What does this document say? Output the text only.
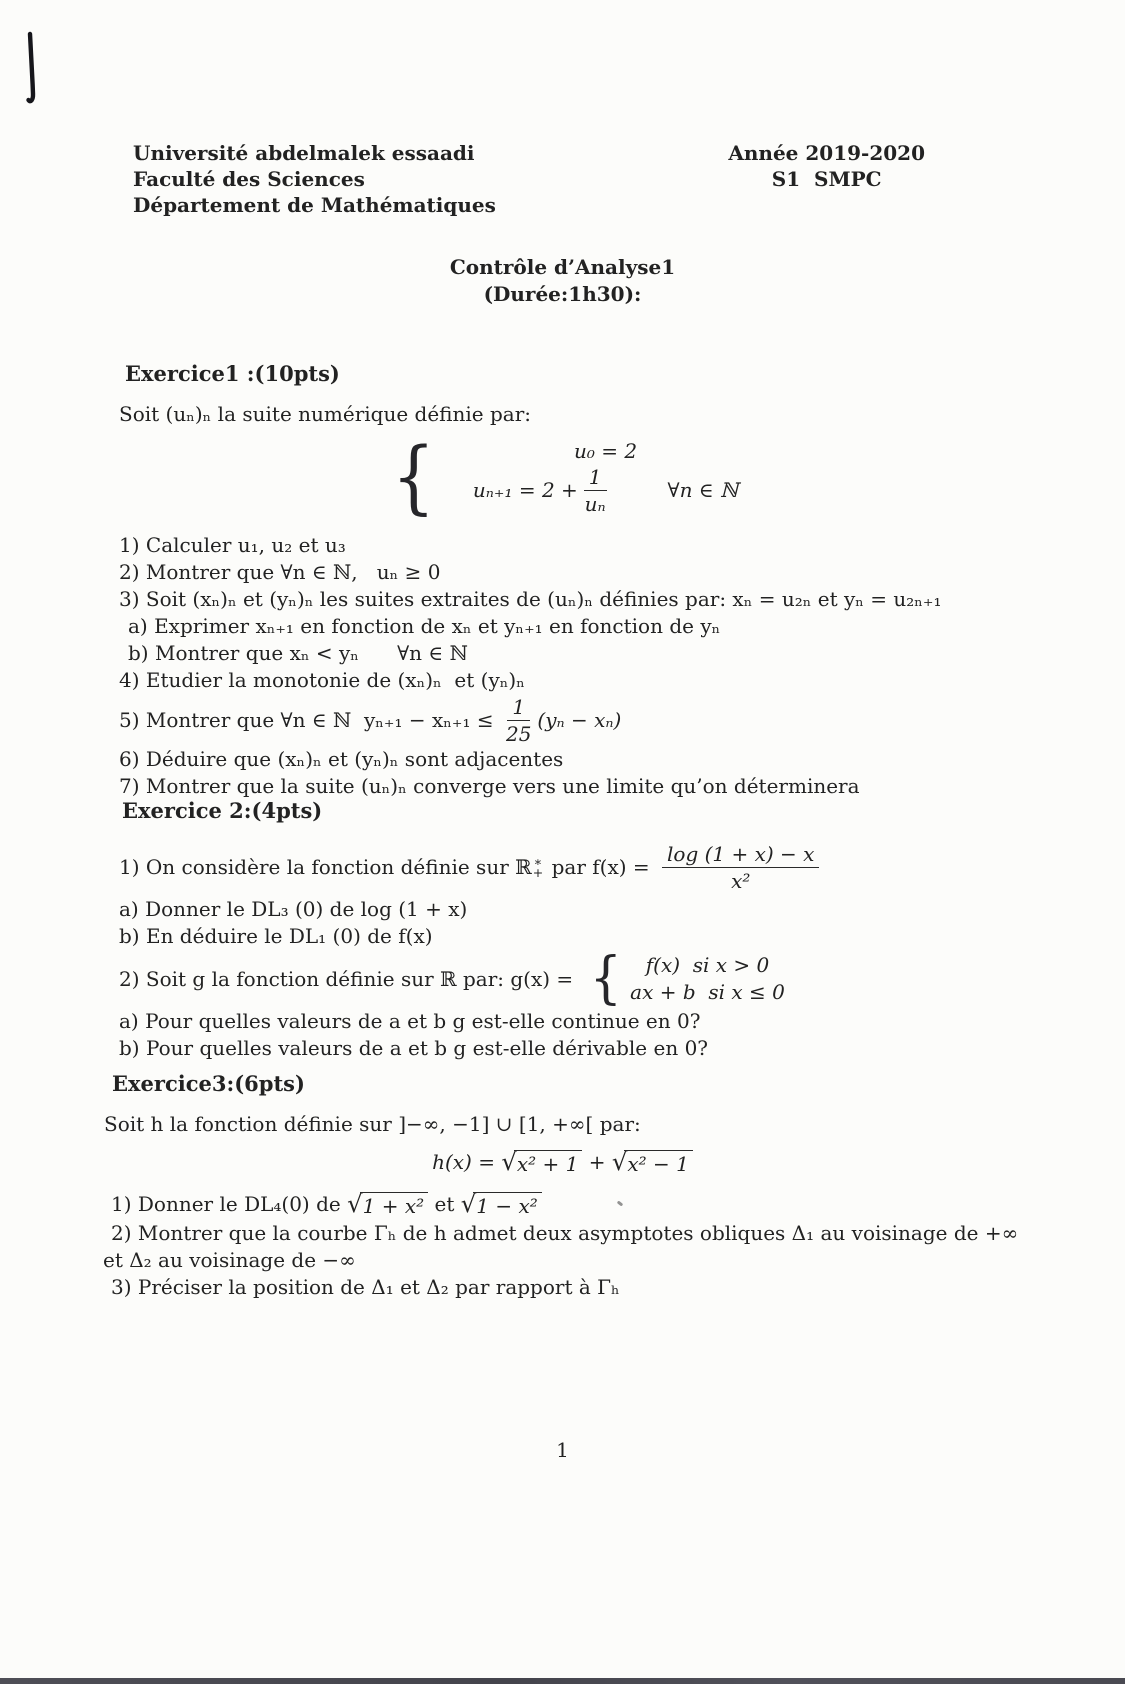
Université abdelmalek essaadi
Faculté des Sciences
Département de Mathématiques
Année 2019-2020
S1  SMPC
Contrôle d’Analyse1
(Durée:1h30):
Exercice1 :(10pts)
Soit (uₙ)ₙ la suite numérique définie par:
{	u₀ = 2
$u_{n+1} = 2 + \frac{1}{\text{uₙ}}$	∀n ∈ ℕ
1) Calculer u₁, u₂ et u₃
2) Montrer que ∀n ∈ ℕ,   uₙ ≥ 0
3) Soit (xₙ)ₙ et (yₙ)ₙ les suites extraites de (uₙ)ₙ définies par: xₙ = u₂ₙ et yₙ = u₂ₙ₊₁
a) Exprimer xₙ₊₁ en fonction de xₙ et yₙ₊₁ en fonction de yₙ
b) Montrer que xₙ < yₙ      ∀n ∈ ℕ
4) Etudier la monotonie de (xₙ)ₙ  et (yₙ)ₙ
5) Montrer que ∀n ∈ ℕ  $y_{n+1} - x_{n+1} \le \frac{1}{25} (y_n - x_n)$
6) Déduire que (xₙ)ₙ et (yₙ)ₙ sont adjacentes
7) Montrer que la suite (uₙ)ₙ converge vers une limite qu’on déterminera
Exercice 2:(4pts)
1) On considère la fonction définie sur ℝ ∗
+ par $f(x) = \frac{\log (1 + x) - x}{\text{x²}}$
a) Donner le DL₃ (0) de log (1 + x)
b) En déduire le DL₁ (0) de f(x)
2) Soit g la fonction définie sur ℝ par: g(x) = { f(x)  si x > 0
ax + b  si x ≤ 0
a) Pour quelles valeurs de a et b g est-elle continue en 0?
b) Pour quelles valeurs de a et b g est-elle dérivable en 0?
Exercice3:(6pts)
Soit h la fonction définie sur ]−∞, −1] ∪ [1, +∞[ par:
h(x) = √ x² + 1 + √ x² − 1
1) Donner le DL₄(0) de √ 1 + x² et √ 1 − x²
2) Montrer que la courbe Γₕ de h admet deux asymptotes obliques Δ₁ au voisinage de +∞
et Δ₂ au voisinage de −∞
3) Préciser la position de Δ₁ et Δ₂ par rapport à Γₕ
1
